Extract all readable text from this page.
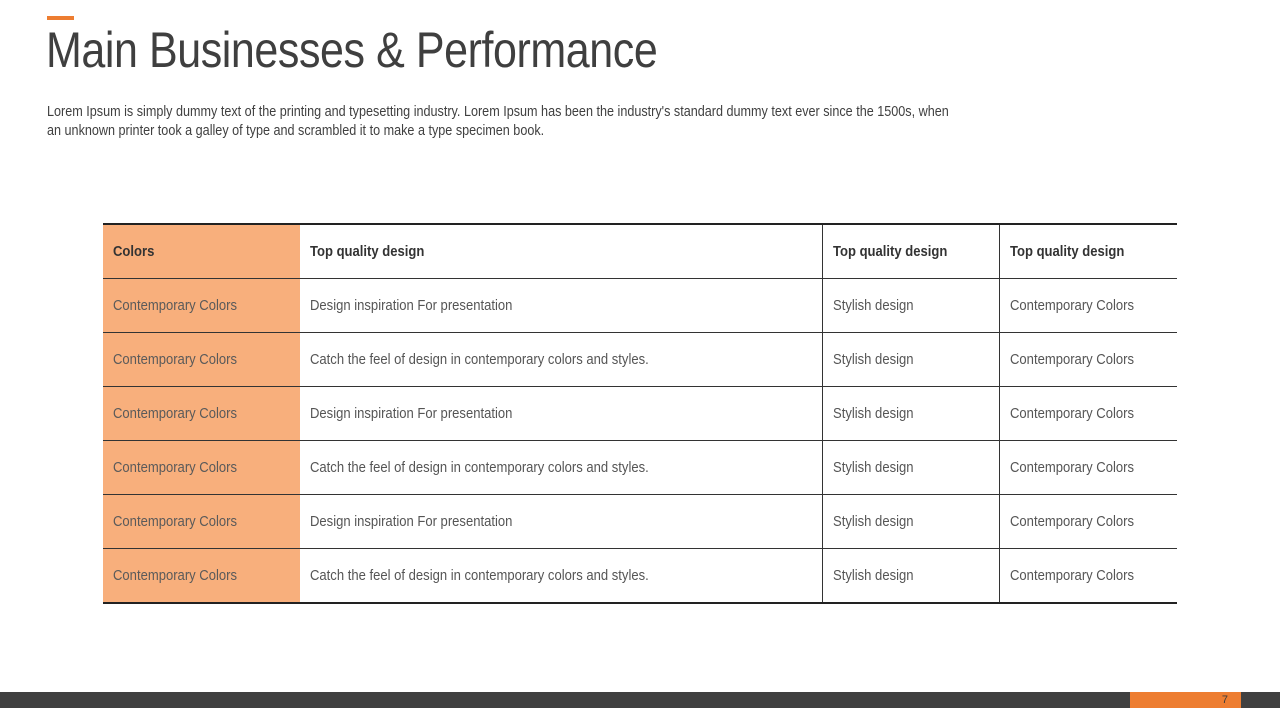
Main Businesses & Performance

Lorem Ipsum is simply dummy text of the printing and typesetting industry. Lorem Ipsum has been the industry's standard dummy text ever since the 1500s, when an unknown printer took a galley of type and scrambled it to make a type specimen book.

Colors	Top quality design	Top quality design	Top quality design
Contemporary Colors	Design inspiration For presentation	Stylish design	Contemporary Colors
Contemporary Colors	Catch the feel of design in contemporary colors and styles.	Stylish design	Contemporary Colors
Contemporary Colors	Design inspiration For presentation	Stylish design	Contemporary Colors
Contemporary Colors	Catch the feel of design in contemporary colors and styles.	Stylish design	Contemporary Colors
Contemporary Colors	Design inspiration For presentation	Stylish design	Contemporary Colors
Contemporary Colors	Catch the feel of design in contemporary colors and styles.	Stylish design	Contemporary Colors
7
